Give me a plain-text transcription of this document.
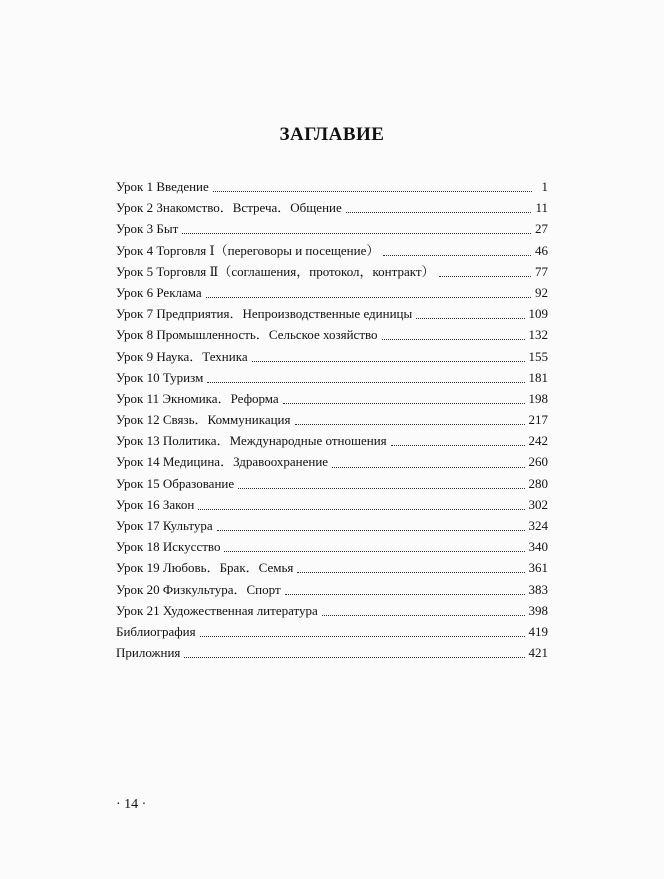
ЗАГЛАВИЕ
Урок 1 Введение	1
Урок 2 Знакомство．Встреча．Общение	11
Урок 3 Быт	27
Урок 4 Торговля Ⅰ（переговоры и посещение）	46
Урок 5 Торговля Ⅱ（соглашения，протокол，контракт）	77
Урок 6 Реклама	92
Урок 7 Предприятия．Непроизводственные единицы	109
Урок 8 Промышленность．Сельское хозяйство	132
Урок 9 Наука．Техника	155
Урок 10 Туризм	181
Урок 11 Экномика．Реформа	198
Урок 12 Связь．Коммуникация	217
Урок 13 Политика．Международные отношения	242
Урок 14 Медицина．Здравоохранение	260
Урок 15 Образование	280
Урок 16 Закон	302
Урок 17 Культура	324
Урок 18 Искусство	340
Урок 19 Любовь．Брак．Семья	361
Урок 20 Физкультура．Спорт	383
Урок 21 Художественная литература	398
Библиография	419
Приложния	421
· 14 ·
